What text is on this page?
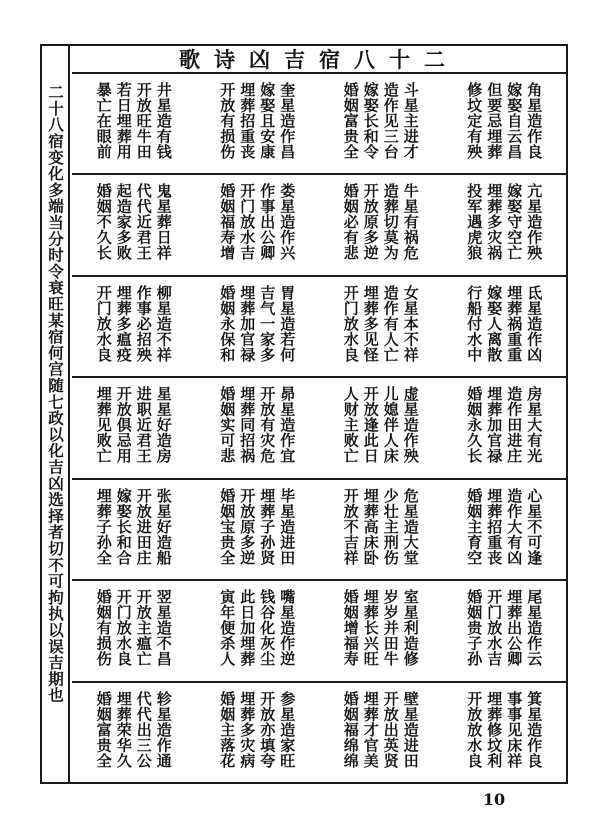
二十八宿变化多端当分时令衰旺某宿何宫随七政以化吉凶选择者切不可拘执以误吉期也
二十八宿吉凶诗歌
角星造作良
嫁娶自云昌
但要忌埋葬
修坟定有殃
亢星造作殃
嫁娶守空亡
埋葬多灾祸
投军遇虎狼
氐星造作凶
埋葬祸重重
嫁娶人离散
行船付水中
房星大有光
造作田进庄
埋葬加官禄
婚姻永久长
心星不可逢
造作大有凶
埋葬招重丧
婚姻主育空
尾星造作云
埋葬出公卿
开门放水吉
婚姻贵子孙
箕星造作良
事事见床祥
埋葬修坟利
开放放水良
斗星主进才
造作见三台
嫁娶长和令
婚姻富贵全
牛星有祸危
造葬切莫为
开放原多逆
婚姻必有悲
女星本不祥
造作有人亡
埋葬多见怪
开门放水良
虚星造作殃
儿媳伴人床
开放逢此日
人财主败亡
危星造大堂
少壮主刑伤
埋葬高床卧
开放不吉祥
室星利造修
岁岁并田牛
埋葬长兴旺
婚姻增福寿
壁星造进田
开放出英贤
埋葬才官美
婚姻福绵绵
奎星造作昌
嫁娶且安康
埋葬招重丧
开放有损伤
娄星造作兴
作事出公卿
开门放水吉
婚姻福寿增
胃星造若何
吉气一家多
埋葬加官禄
婚姻永保和
昴星造作宜
开放有灾危
埋葬同招祸
婚姻实可悲
毕星造进田
埋葬子孙贤
开放原多逆
婚姻宝贵全
嘴星造作逆
钱谷化灰尘
此日加埋葬
寅年便杀人
参星造家旺
开放亦填夸
埋葬多灾病
婚姻主落花
井星造有钱
开放旺牛田
若日埋葬用
暴亡在眼前
鬼星葬日祥
代代近君王
起造家多败
婚姻不久长
柳星造不祥
作事必招殃
埋葬多瘟疫
开门放水良
星星好造房
进职近君王
开放俱忌用
埋葬见败亡
张星好造船
开放进田庄
嫁娶长和合
埋葬子孙全
翌星造不昌
开放主瘟亡
开门放水良
婚姻有损伤
轸星造作通
代代出三公
埋葬荣华久
婚姻富贵全
10
